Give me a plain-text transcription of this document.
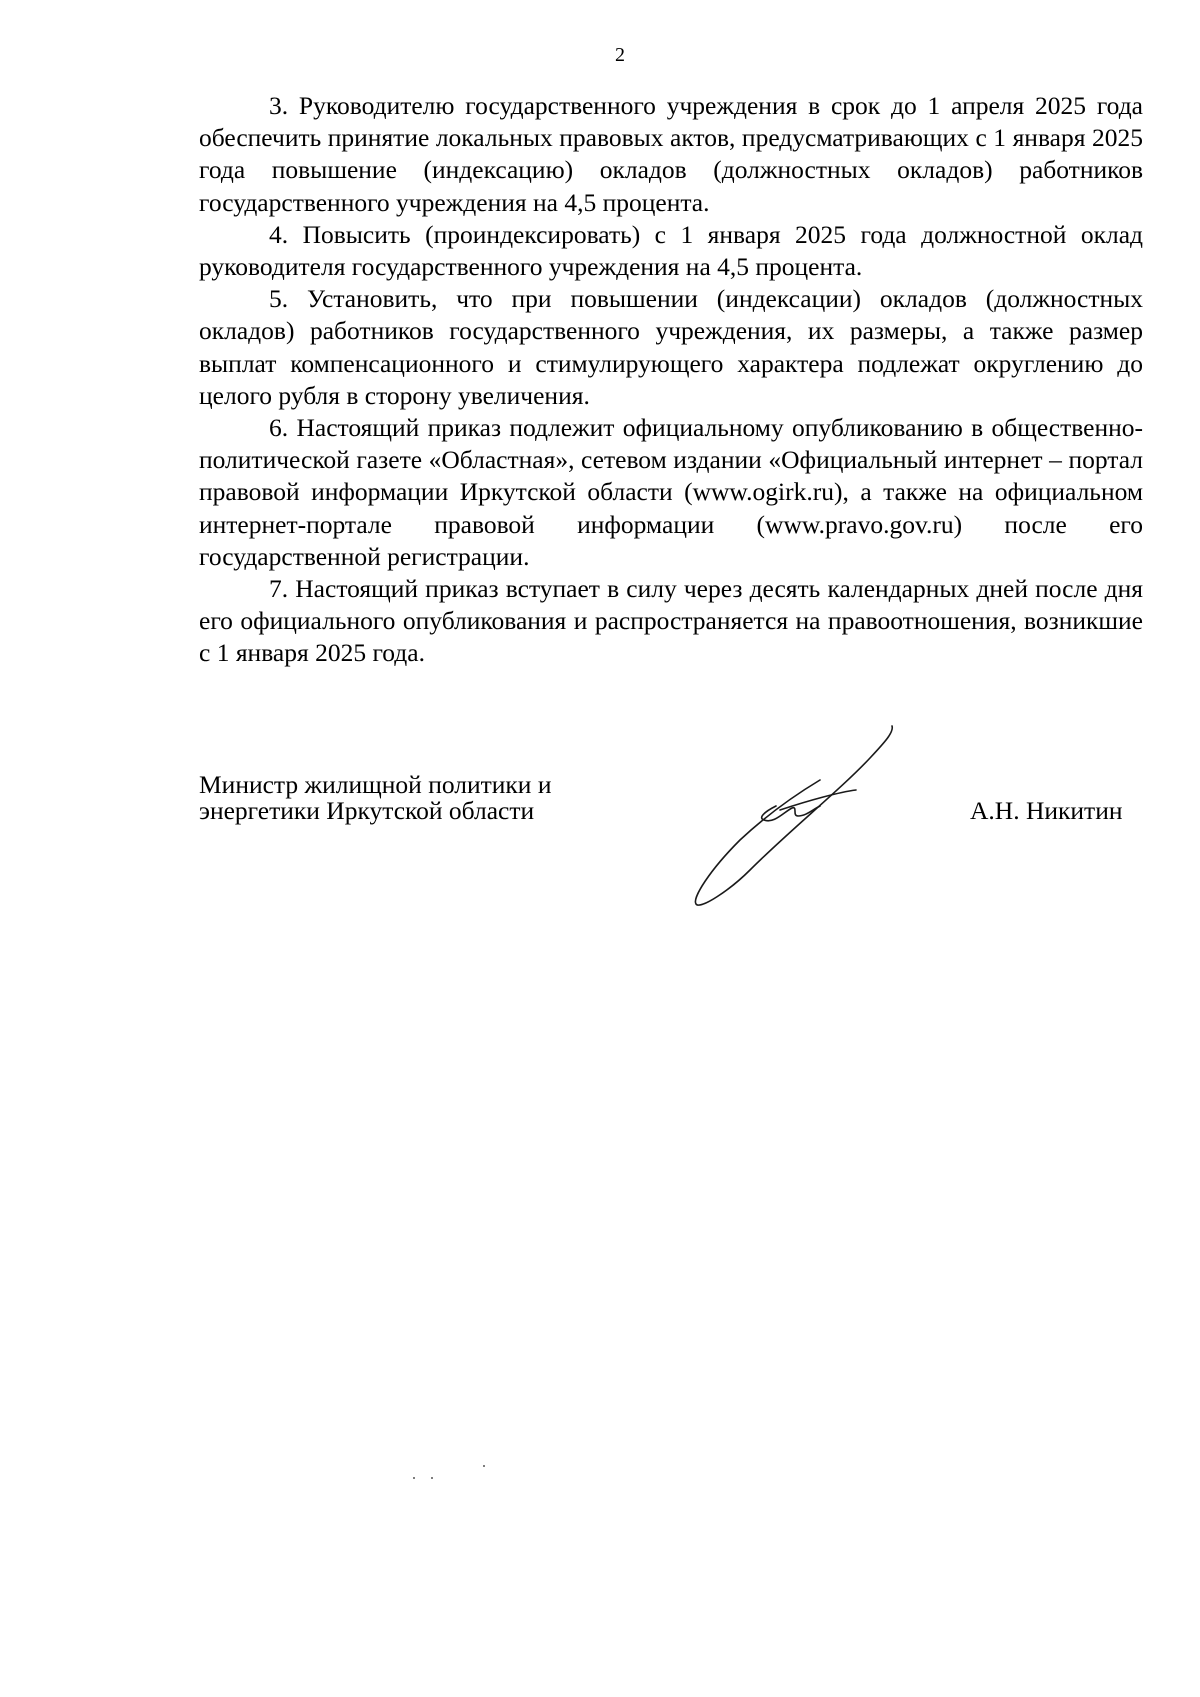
2

3. Руководителю государственного учреждения в срок до 1 апреля 2025 года обеспечить принятие локальных правовых актов, предусматривающих с 1 января 2025 года повышение (индексацию) окладов (должностных окладов) работников государственного учреждения на 4,5 процента.

4. Повысить (проиндексировать) с 1 января 2025 года должностной оклад руководителя государственного учреждения на 4,5 процента.

5. Установить, что при повышении (индексации) окладов (должностных окладов) работников государственного учреждения, их размеры, а также размер выплат компенсационного и стимулирующего характера подлежат округлению до целого рубля в сторону увеличения.

6. Настоящий приказ подлежит официальному опубликованию в общественно-политической газете «Областная», сетевом издании «Официальный интернет – портал правовой информации Иркутской области (www.ogirk.ru), а также на официальном интернет-портале правовой информации (www.pravo.gov.ru) после его государственной регистрации.

7. Настоящий приказ вступает в силу через десять календарных дней после дня его официального опубликования и распространяется на правоотношения, возникшие с 1 января 2025 года.

Министр жилищной политики и
энергетики Иркутской области	А.Н. Никитин
